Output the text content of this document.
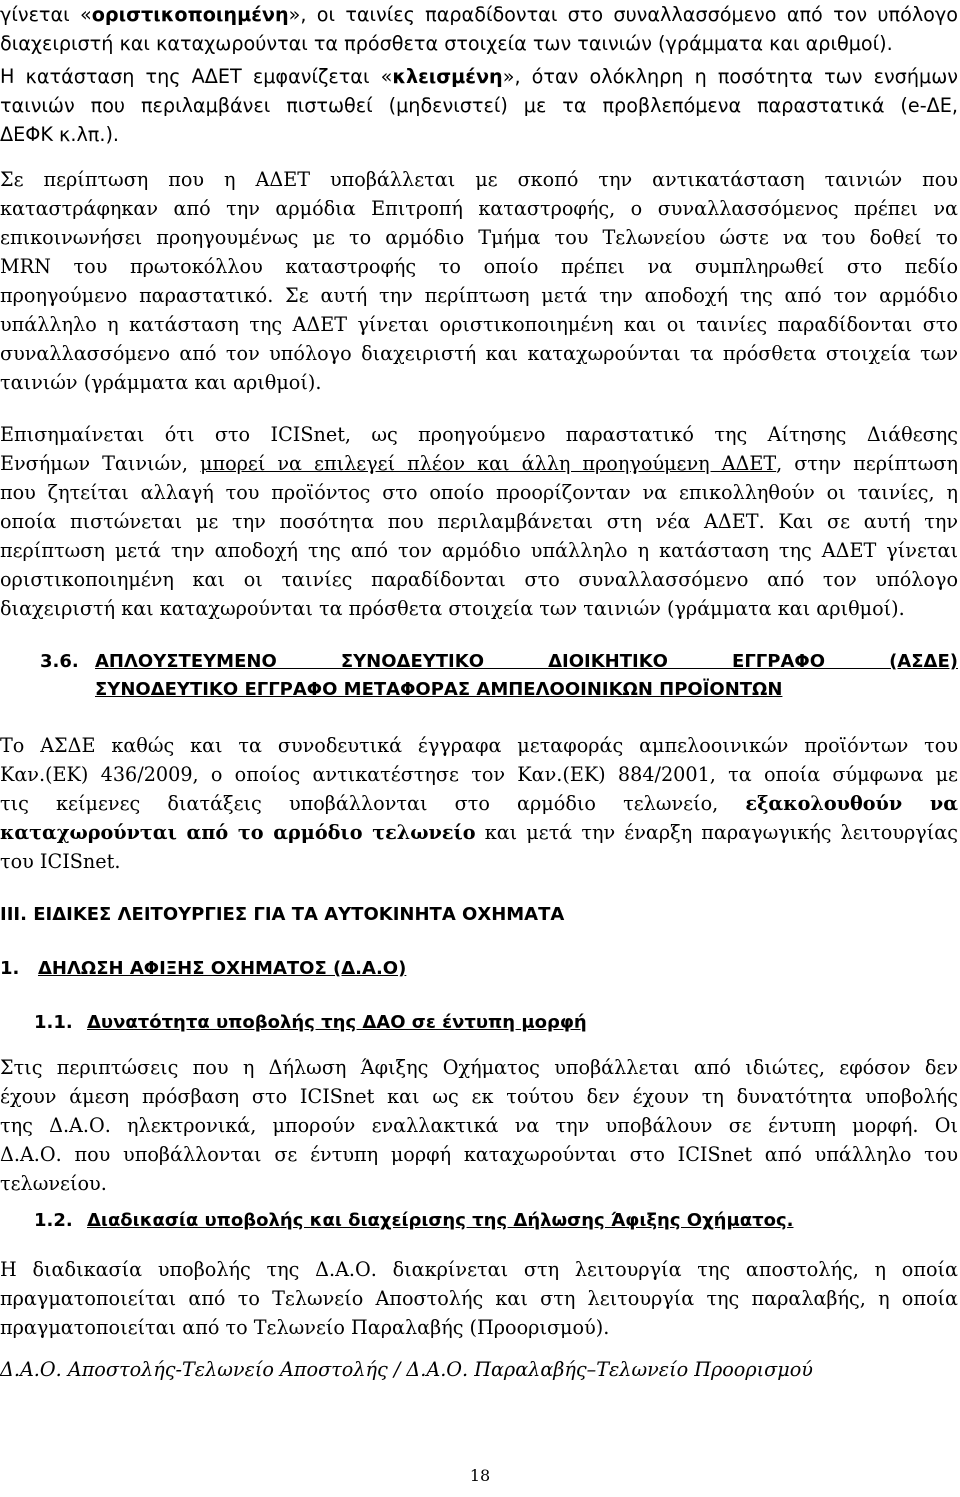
γίνεται «οριστικοποιημένη», οι ταινίες παραδίδονται στο συναλλασσόμενο από τον υπόλογο
διαχειριστή και καταχωρούνται τα πρόσθετα στοιχεία των ταινιών (γράμματα και αριθμοί).
Η κατάσταση της ΑΔΕΤ εμφανίζεται «κλεισμένη», όταν ολόκληρη η ποσότητα των ενσήμων
ταινιών που περιλαμβάνει πιστωθεί (μηδενιστεί) με τα προβλεπόμενα παραστατικά (e-ΔΕ,
ΔΕΦΚ κ.λπ.).
Σε περίπτωση που η ΑΔΕΤ υποβάλλεται με σκοπό την αντικατάσταση ταινιών που
καταστράφηκαν από την αρμόδια Επιτροπή καταστροφής, ο συναλλασσόμενος πρέπει να
επικοινωνήσει προηγουμένως με το αρμόδιο Τμήμα του Τελωνείου ώστε να του δοθεί το
MRN του πρωτοκόλλου καταστροφής το οποίο πρέπει να συμπληρωθεί στο πεδίο
προηγούμενο παραστατικό. Σε αυτή την περίπτωση μετά την αποδοχή της από τον αρμόδιο
υπάλληλο η κατάσταση της ΑΔΕΤ γίνεται οριστικοποιημένη και οι ταινίες παραδίδονται στο
συναλλασσόμενο από τον υπόλογο διαχειριστή και καταχωρούνται τα πρόσθετα στοιχεία των
ταινιών (γράμματα και αριθμοί).
Επισημαίνεται ότι στο ICISnet, ως προηγούμενο παραστατικό της Αίτησης Διάθεσης
Ενσήμων Ταινιών, μπορεί να επιλεγεί πλέον και άλλη προηγούμενη ΑΔΕΤ, στην περίπτωση
που ζητείται αλλαγή του προϊόντος στο οποίο προορίζονταν να επικολληθούν οι ταινίες, η
οποία πιστώνεται με την ποσότητα που περιλαμβάνεται στη νέα ΑΔΕΤ. Και σε αυτή την
περίπτωση μετά την αποδοχή της από τον αρμόδιο υπάλληλο η κατάσταση της ΑΔΕΤ γίνεται
οριστικοποιημένη και οι ταινίες παραδίδονται στο συναλλασσόμενο από τον υπόλογο
διαχειριστή και καταχωρούνται τα πρόσθετα στοιχεία των ταινιών (γράμματα και αριθμοί).
3.6. ΑΠΛΟΥΣΤΕΥΜΕΝΟ ΣΥΝΟΔΕΥΤΙΚΟ ΔΙΟΙΚΗΤΙΚΟ ΕΓΓΡΑΦΟ (ΑΣΔΕ)
ΣΥΝΟΔΕΥΤΙΚΟ ΕΓΓΡΑΦΟ ΜΕΤΑΦΟΡΑΣ ΑΜΠΕΛΟΟΙΝΙΚΩΝ ΠΡΟΪΟΝΤΩΝ
Το ΑΣΔΕ καθώς και τα συνοδευτικά έγγραφα μεταφοράς αμπελοοινικών προϊόντων του
Καν.(ΕΚ) 436/2009, ο οποίος αντικατέστησε τον Καν.(ΕΚ) 884/2001, τα οποία σύμφωνα με
τις κείμενες διατάξεις υποβάλλονται στο αρμόδιο τελωνείο, εξακολουθούν να
καταχωρούνται από το αρμόδιο τελωνείο και μετά την έναρξη παραγωγικής λειτουργίας
του ICISnet.
III. ΕΙΔΙΚΕΣ ΛΕΙΤΟΥΡΓΙΕΣ ΓΙΑ ΤΑ ΑΥΤΟΚΙΝΗΤΑ ΟΧΗΜΑΤΑ
1. ΔΗΛΩΣΗ ΑΦΙΞΗΣ ΟΧΗΜΑΤΟΣ (Δ.Α.Ο)
1.1. Δυνατότητα υποβολής της ΔΑΟ σε έντυπη μορφή
Στις περιπτώσεις που η Δήλωση Άφιξης Οχήματος υποβάλλεται από ιδιώτες, εφόσον δεν
έχουν άμεση πρόσβαση στο ICISnet και ως εκ τούτου δεν έχουν τη δυνατότητα υποβολής
της Δ.Α.Ο. ηλεκτρονικά, μπορούν εναλλακτικά να την υποβάλουν σε έντυπη μορφή. Οι
Δ.Α.Ο. που υποβάλλονται σε έντυπη μορφή καταχωρούνται στο ICISnet από υπάλληλο του
τελωνείου.
1.2. Διαδικασία υποβολής και διαχείρισης της Δήλωσης Άφιξης Οχήματος.
Η διαδικασία υποβολής της Δ.Α.Ο. διακρίνεται στη λειτουργία της αποστολής, η οποία
πραγματοποιείται από το Τελωνείο Αποστολής και στη λειτουργία της παραλαβής, η οποία
πραγματοποιείται από το Τελωνείο Παραλαβής (Προορισμού).
Δ.Α.Ο. Αποστολής-Τελωνείο Αποστολής / Δ.Α.Ο. Παραλαβής–Τελωνείο Προορισμού
18
